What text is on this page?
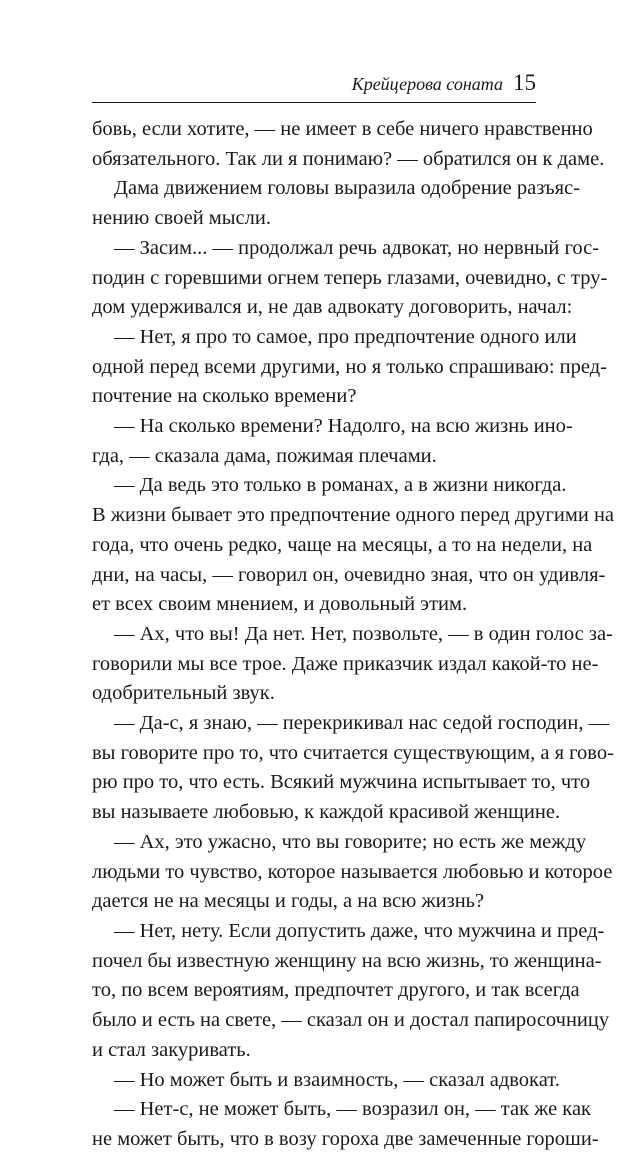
Крейцерова соната 15
бовь, если хотите, — не имеет в себе ничего нравственно
обязательного. Так ли я понимаю? — обратился он к даме.
Дама движением головы выразила одобрение разъяс-
нению своей мысли.
— Засим... — продолжал речь адвокат, но нервный гос-
подин с горевшими огнем теперь глазами, очевидно, с тру-
дом удерживался и, не дав адвокату договорить, начал:
— Нет, я про то самое, про предпочтение одного или
одной перед всеми другими, но я только спрашиваю: пред-
почтение на сколько времени?
— На сколько времени? Надолго, на всю жизнь ино-
гда, — сказала дама, пожимая плечами.
— Да ведь это только в романах, а в жизни никогда.
В жизни бывает это предпочтение одного перед другими на
года, что очень редко, чаще на месяцы, а то на недели, на
дни, на часы, — говорил он, очевидно зная, что он удивля-
ет всех своим мнением, и довольный этим.
— Ах, что вы! Да нет. Нет, позвольте, — в один голос за-
говорили мы все трое. Даже приказчик издал какой-то не-
одобрительный звук.
— Да-с, я знаю, — перекрикивал нас седой господин, —
вы говорите про то, что считается существующим, а я гово-
рю про то, что есть. Всякий мужчина испытывает то, что
вы называете любовью, к каждой красивой женщине.
— Ах, это ужасно, что вы говорите; но есть же между
людьми то чувство, которое называется любовью и которое
дается не на месяцы и годы, а на всю жизнь?
— Нет, нету. Если допустить даже, что мужчина и пред-
почел бы известную женщину на всю жизнь, то женщина-
то, по всем вероятиям, предпочтет другого, и так всегда
было и есть на свете, — сказал он и достал папиросочницу
и стал закуривать.
— Но может быть и взаимность, — сказал адвокат.
— Нет-с, не может быть, — возразил он, — так же как
не может быть, что в возу гороха две замеченные гороши-
